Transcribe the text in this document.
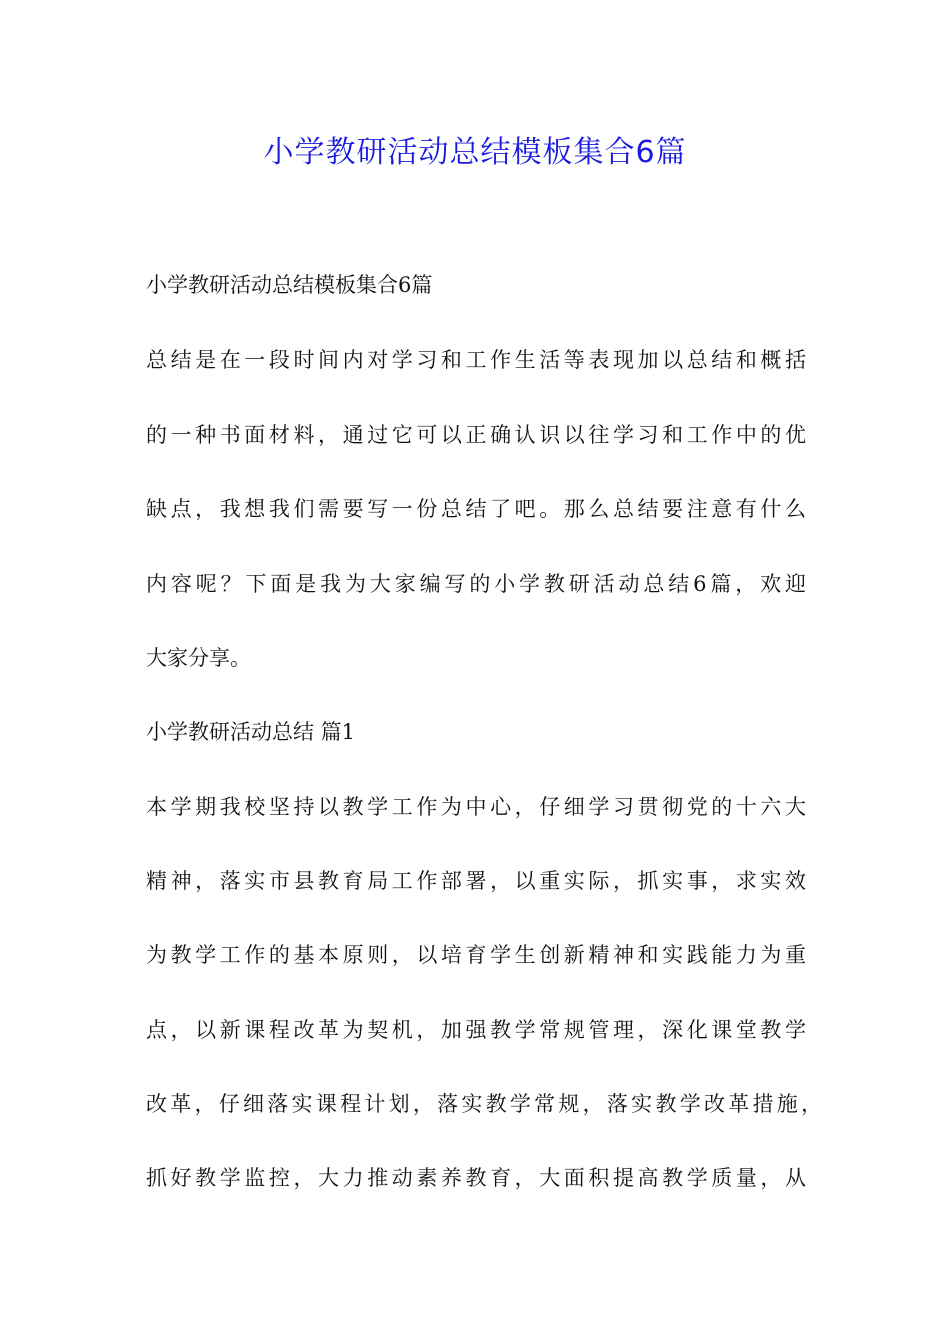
小学教研活动总结模板集合6篇
小学教研活动总结模板集合6篇
总结是在一段时间内对学习和工作生活等表现加以总结和概括
的一种书面材料，通过它可以正确认识以往学习和工作中的优
缺点，我想我们需要写一份总结了吧。那么总结要注意有什么
内容呢？下面是我为大家编写的小学教研活动总结6篇，欢迎
大家分享。
小学教研活动总结 篇1
本学期我校坚持以教学工作为中心，仔细学习贯彻党的十六大
精神，落实市县教育局工作部署，以重实际，抓实事，求实效
为教学工作的基本原则，以培育学生创新精神和实践能力为重
点，以新课程改革为契机，加强教学常规管理，深化课堂教学
改革，仔细落实课程计划，落实教学常规，落实教学改革措施，
抓好教学监控，大力推动素养教育，大面积提高教学质量，从
